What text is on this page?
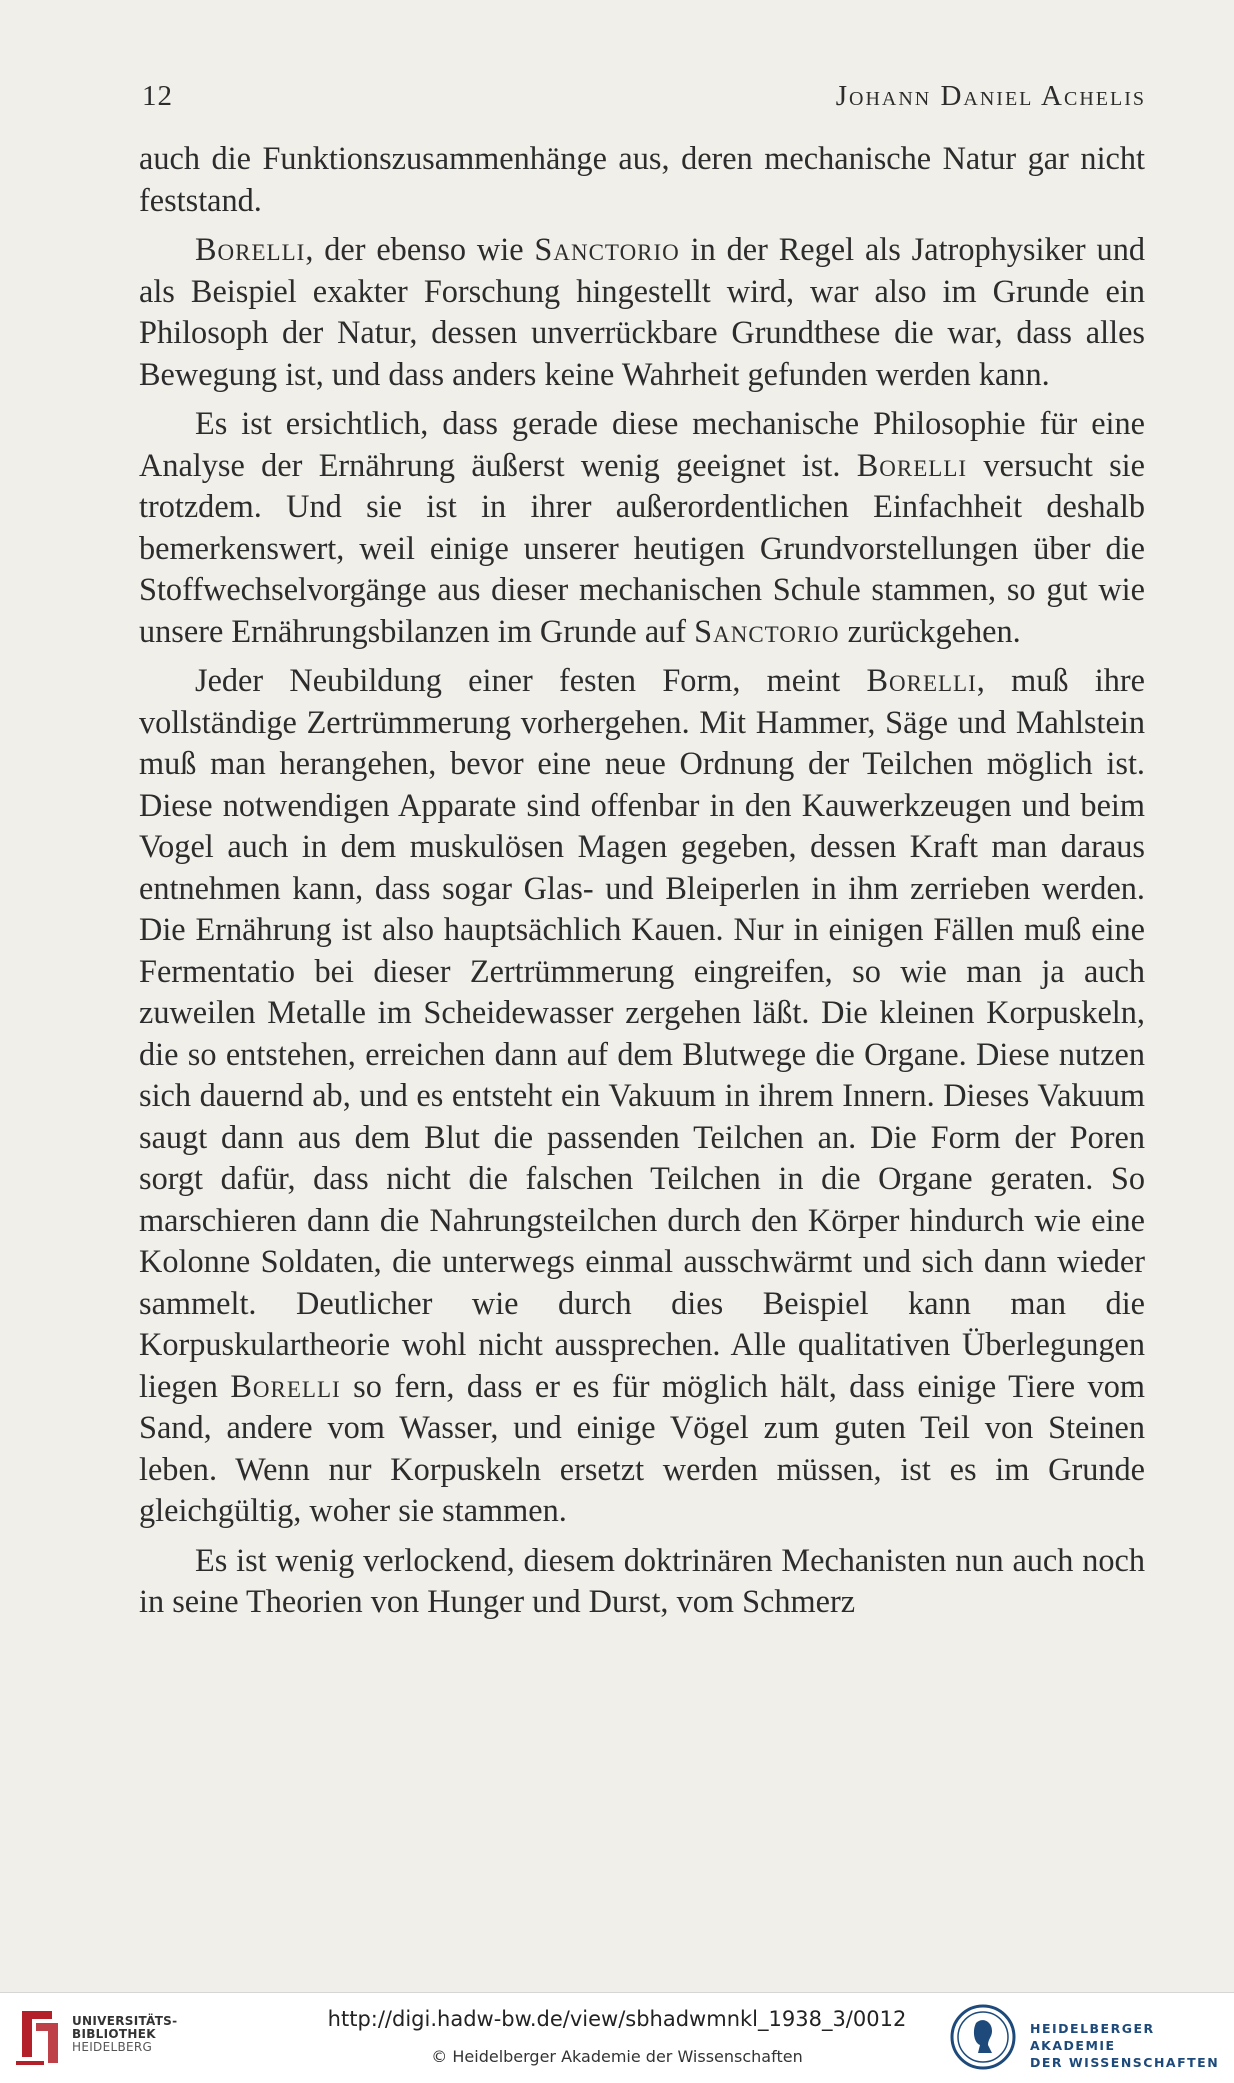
12	Johann Daniel Achelis

auch die Funktionszusammenhänge aus, deren mechanische Natur gar nicht feststand.

Borelli, der ebenso wie Sanctorio in der Regel als Jatrophysiker und als Beispiel exakter Forschung hingestellt wird, war also im Grunde ein Philosoph der Natur, dessen unverrückbare Grundthese die war, dass alles Bewegung ist, und dass anders keine Wahrheit gefunden werden kann.

Es ist ersichtlich, dass gerade diese mechanische Philosophie für eine Analyse der Ernährung äußerst wenig geeignet ist. Borelli versucht sie trotzdem. Und sie ist in ihrer außerordentlichen Einfachheit deshalb bemerkenswert, weil einige unserer heutigen Grundvorstellungen über die Stoffwechselvorgänge aus dieser mechanischen Schule stammen, so gut wie unsere Ernährungsbilanzen im Grunde auf Sanctorio zurückgehen.

Jeder Neubildung einer festen Form, meint Borelli, muß ihre vollständige Zertrümmerung vorhergehen. Mit Hammer, Säge und Mahlstein muß man herangehen, bevor eine neue Ordnung der Teilchen möglich ist. Diese notwendigen Apparate sind offenbar in den Kauwerkzeugen und beim Vogel auch in dem muskulösen Magen gegeben, dessen Kraft man daraus entnehmen kann, dass sogar Glas- und Bleiperlen in ihm zerrieben werden. Die Ernährung ist also hauptsächlich Kauen. Nur in einigen Fällen muß eine Fermentatio bei dieser Zertrümmerung eingreifen, so wie man ja auch zuweilen Metalle im Scheidewasser zergehen läßt. Die kleinen Korpuskeln, die so entstehen, erreichen dann auf dem Blutwege die Organe. Diese nutzen sich dauernd ab, und es entsteht ein Vakuum in ihrem Innern. Dieses Vakuum saugt dann aus dem Blut die passenden Teilchen an. Die Form der Poren sorgt dafür, dass nicht die falschen Teilchen in die Organe geraten. So marschieren dann die Nahrungsteilchen durch den Körper hindurch wie eine Kolonne Soldaten, die unterwegs einmal ausschwärmt und sich dann wieder sammelt. Deutlicher wie durch dies Beispiel kann man die Korpuskulartheorie wohl nicht aussprechen. Alle qualitativen Überlegungen liegen Borelli so fern, dass er es für möglich hält, dass einige Tiere vom Sand, andere vom Wasser, und einige Vögel zum guten Teil von Steinen leben. Wenn nur Korpuskeln ersetzt werden müssen, ist es im Grunde gleichgültig, woher sie stammen.

Es ist wenig verlockend, diesem doktrinären Mechanisten nun auch noch in seine Theorien von Hunger und Durst, vom Schmerz

UNIVERSITÄTS-
BIBLIOTHEK
HEIDELBERG
http://digi.hadw-bw.de/view/sbhadwmnkl_1938_3/0012
© Heidelberger Akademie der Wissenschaften
HEIDELBERGER AKADEMIE
DER WISSENSCHAFTEN
